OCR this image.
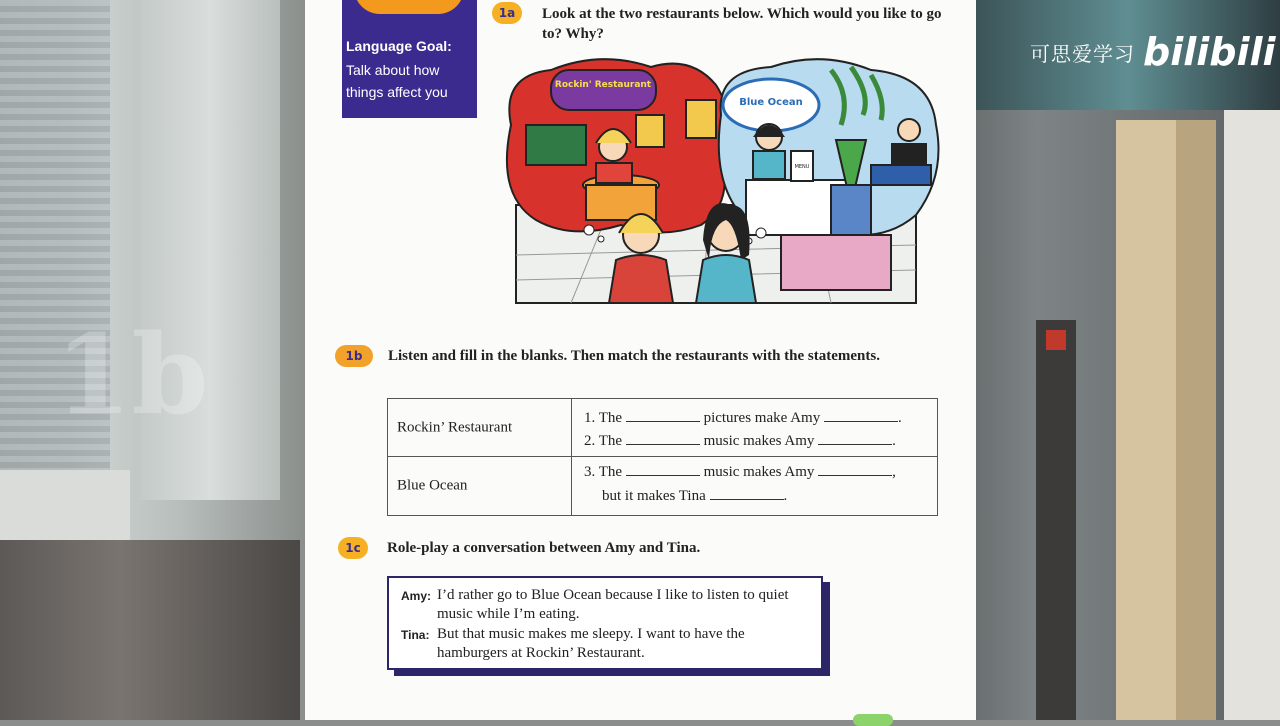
1b
可思爱学习 bilibili
Language Goal:
Talk about how things affect you
1a	Look at the two restaurants below. Which would you like to go to? Why?
Rockin' Restaurant
Blue Ocean
MENU
1b	Listen and fill in the blanks. Then match the restaurants with the statements.
Rockin’ Restaurant
1. The	pictures make Amy	.
2. The	music makes Amy	.
Blue Ocean
3. The	music makes Amy	,
but it makes Tina	.
1c	Role-play a conversation between Amy and Tina.
Amy: I’d rather go to Blue Ocean because I like to listen to quiet music while I’m eating.
Tina: But that music makes me sleepy. I want to have the hamburgers at Rockin’ Restaurant.
